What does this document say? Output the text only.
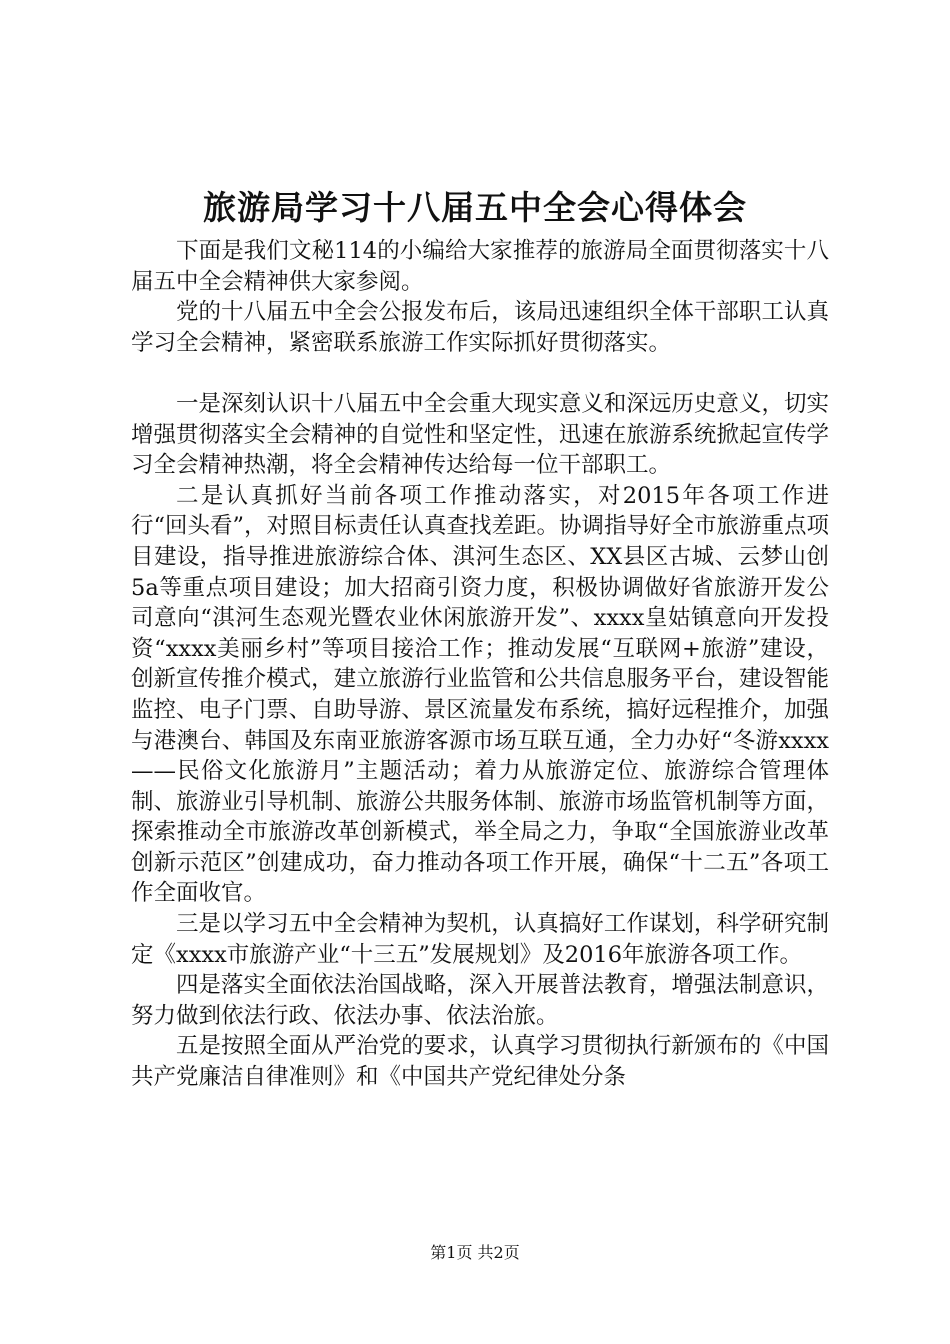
旅游局学习十八届五中全会心得体会

下面是我们文秘114的小编给大家推荐的旅游局全面贯彻落实十八届五中全会精神供大家参阅。

党的十八届五中全会公报发布后，该局迅速组织全体干部职工认真学习全会精神，紧密联系旅游工作实际抓好贯彻落实。

一是深刻认识十八届五中全会重大现实意义和深远历史意义，切实增强贯彻落实全会精神的自觉性和坚定性，迅速在旅游系统掀起宣传学习全会精神热潮，将全会精神传达给每一位干部职工。

二是认真抓好当前各项工作推动落实，对2015年各项工作进行“回头看”，对照目标责任认真查找差距。协调指导好全市旅游重点项目建设，指导推进旅游综合体、淇河生态区、XX县区古城、云梦山创5a等重点项目建设；加大招商引资力度，积极协调做好省旅游开发公司意向“淇河生态观光暨农业休闲旅游开发”、xxxx皇姑镇意向开发投资“xxxx美丽乡村”等项目接洽工作；推动发展“互联网+旅游”建设，创新宣传推介模式，建立旅游行业监管和公共信息服务平台，建设智能监控、电子门票、自助导游、景区流量发布系统，搞好远程推介，加强与港澳台、韩国及东南亚旅游客源市场互联互通，全力办好“冬游xxxx——民俗文化旅游月”主题活动；着力从旅游定位、旅游综合管理体制、旅游业引导机制、旅游公共服务体制、旅游市场监管机制等方面，探索推动全市旅游改革创新模式，举全局之力，争取“全国旅游业改革创新示范区”创建成功，奋力推动各项工作开展，确保“十二五”各项工作全面收官。

三是以学习五中全会精神为契机，认真搞好工作谋划，科学研究制定《xxxx市旅游产业“十三五”发展规划》及2016年旅游各项工作。

四是落实全面依法治国战略，深入开展普法教育，增强法制意识，努力做到依法行政、依法办事、依法治旅。

五是按照全面从严治党的要求，认真学习贯彻执行新颁布的《中国共产党廉洁自律准则》和《中国共产党纪律处分条

第1页 共2页
